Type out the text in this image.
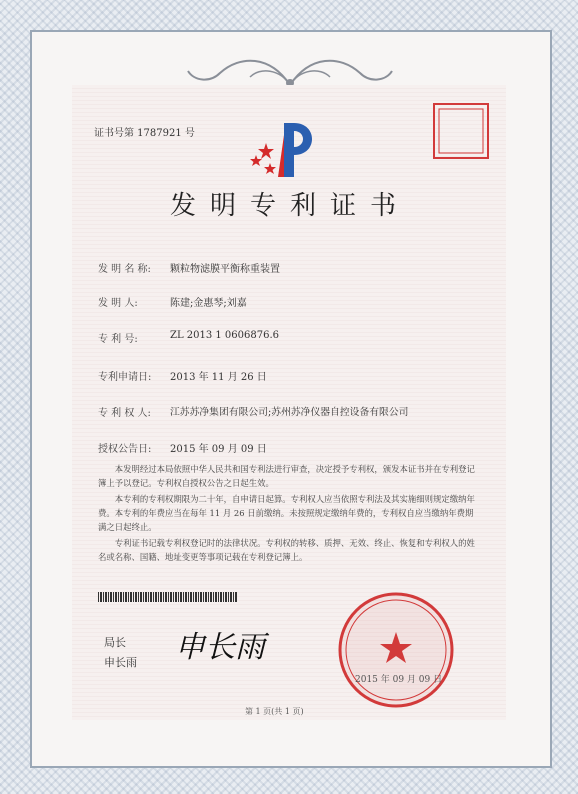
证书号第 1787921 号
发明专利证书
发 明 名 称: 颗粒物滤膜平衡称重装置
发 明 人:	陈建;金惠琴;刘嘉
专 利 号:	ZL 2013 1 0606876.6
专利申请日: 2013 年 11 月 26 日
专 利 权 人: 江苏苏净集团有限公司;苏州苏净仪器自控设备有限公司
授权公告日: 2015 年 09 月 09 日
本发明经过本局依照中华人民共和国专利法进行审查，决定授予专利权，颁发本证书并在专利登记簿上予以登记。专利权自授权公告之日起生效。
本专利的专利权期限为二十年，自申请日起算。专利权人应当依照专利法及其实施细则规定缴纳年费。本专利的年费应当在每年 11 月 26 日前缴纳。未按照规定缴纳年费的，专利权自应当缴纳年费期满之日起终止。
专利证书记载专利权登记时的法律状况。专利权的转移、质押、无效、终止、恢复和专利权人的姓名或名称、国籍、地址变更等事项记载在专利登记簿上。
局长
申长雨 申长雨
2015 年 09 月 09 日
第 1 页(共 1 页)
